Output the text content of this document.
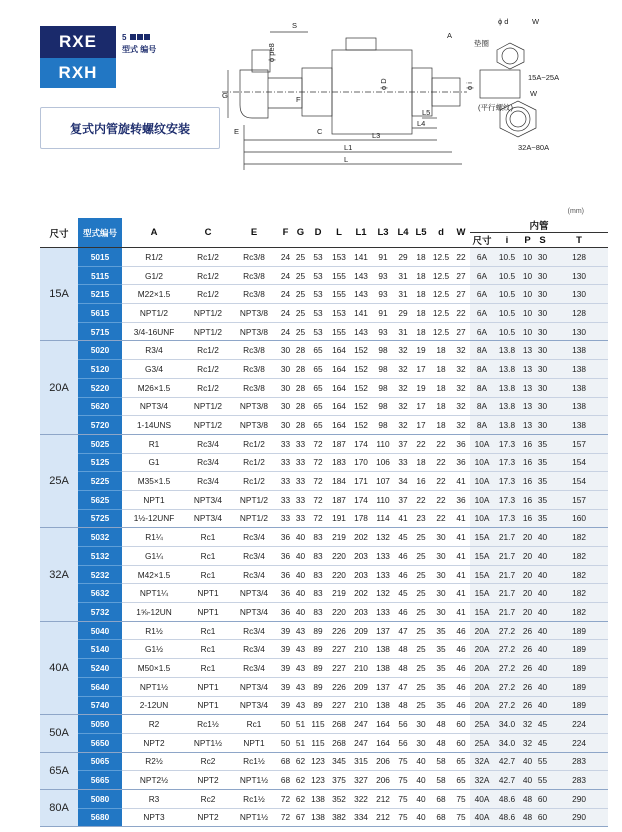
RXE
RXH
5
型式 编号
复式内管旋转螺纹安装
S
ϕ pe8
A
ϕ d	W
垫圈
15A~25A
ϕ D	ϕ i
G	F
E	C
L5
L4
L3
(平行螺纹)
W
L1
L
32A~80A
(mm)
尺寸	型式编号	A	C	E	F	G	D	L	L1	L3	L4	L5	d	W	内管				
															尺寸	i	P	S	T
15A	5015	R1/2	Rc1/2	Rc3/8	24	25	53	153	141	91	29	18	12.5	22	6A	10.5	10	30	128
	5115	G1/2	Rc1/2	Rc3/8	24	25	53	155	143	93	31	18	12.5	27	6A	10.5	10	30	130
	5215	M22×1.5	Rc1/2	Rc3/8	24	25	53	155	143	93	31	18	12.5	27	6A	10.5	10	30	130
	5615	NPT1/2	NPT1/2	NPT3/8	24	25	53	153	141	91	29	18	12.5	22	6A	10.5	10	30	128
	5715	3/4-16UNF	NPT1/2	NPT3/8	24	25	53	155	143	93	31	18	12.5	27	6A	10.5	10	30	130
20A	5020	R3/4	Rc1/2	Rc3/8	30	28	65	164	152	98	32	19	18	32	8A	13.8	13	30	138
	5120	G3/4	Rc1/2	Rc3/8	30	28	65	164	152	98	32	17	18	32	8A	13.8	13	30	138
	5220	M26×1.5	Rc1/2	Rc3/8	30	28	65	164	152	98	32	19	18	32	8A	13.8	13	30	138
	5620	NPT3/4	NPT1/2	NPT3/8	30	28	65	164	152	98	32	17	18	32	8A	13.8	13	30	138
	5720	1-14UNS	NPT1/2	NPT3/8	30	28	65	164	152	98	32	17	18	32	8A	13.8	13	30	138
25A	5025	R1	Rc3/4	Rc1/2	33	33	72	187	174	110	37	22	22	36	10A	17.3	16	35	157
	5125	G1	Rc3/4	Rc1/2	33	33	72	183	170	106	33	18	22	36	10A	17.3	16	35	154
	5225	M35×1.5	Rc3/4	Rc1/2	33	33	72	184	171	107	34	16	22	41	10A	17.3	16	35	154
	5625	NPT1	NPT3/4	NPT1/2	33	33	72	187	174	110	37	22	22	36	10A	17.3	16	35	157
	5725	1½-12UNF	NPT3/4	NPT1/2	33	33	72	191	178	114	41	23	22	41	10A	17.3	16	35	160
32A	5032	R1¼	Rc1	Rc3/4	36	40	83	219	202	132	45	25	30	41	15A	21.7	20	40	182
	5132	G1¼	Rc1	Rc3/4	36	40	83	220	203	133	46	25	30	41	15A	21.7	20	40	182
	5232	M42×1.5	Rc1	Rc3/4	36	40	83	220	203	133	46	25	30	41	15A	21.7	20	40	182
	5632	NPT1¼	NPT1	NPT3/4	36	40	83	219	202	132	45	25	30	41	15A	21.7	20	40	182
	5732	1⅝-12UN	NPT1	NPT3/4	36	40	83	220	203	133	46	25	30	41	15A	21.7	20	40	182
40A	5040	R1½	Rc1	Rc3/4	39	43	89	226	209	137	47	25	35	46	20A	27.2	26	40	189
	5140	G1½	Rc1	Rc3/4	39	43	89	227	210	138	48	25	35	46	20A	27.2	26	40	189
	5240	M50×1.5	Rc1	Rc3/4	39	43	89	227	210	138	48	25	35	46	20A	27.2	26	40	189
	5640	NPT1½	NPT1	NPT3/4	39	43	89	226	209	137	47	25	35	46	20A	27.2	26	40	189
	5740	2-12UN	NPT1	NPT3/4	39	43	89	227	210	138	48	25	35	46	20A	27.2	26	40	189
50A	5050	R2	Rc1½	Rc1	50	51	115	268	247	164	56	30	48	60	25A	34.0	32	45	224
	5650	NPT2	NPT1½	NPT1	50	51	115	268	247	164	56	30	48	60	25A	34.0	32	45	224
65A	5065	R2½	Rc2	Rc1½	68	62	123	345	315	206	75	40	58	65	32A	42.7	40	55	283
	5665	NPT2½	NPT2	NPT1½	68	62	123	375	327	206	75	40	58	65	32A	42.7	40	55	283
80A	5080	R3	Rc2	Rc1½	72	62	138	352	322	212	75	40	68	75	40A	48.6	48	60	290
	5680	NPT3	NPT2	NPT1½	72	67	138	382	334	212	75	40	68	75	40A	48.6	48	60	290
